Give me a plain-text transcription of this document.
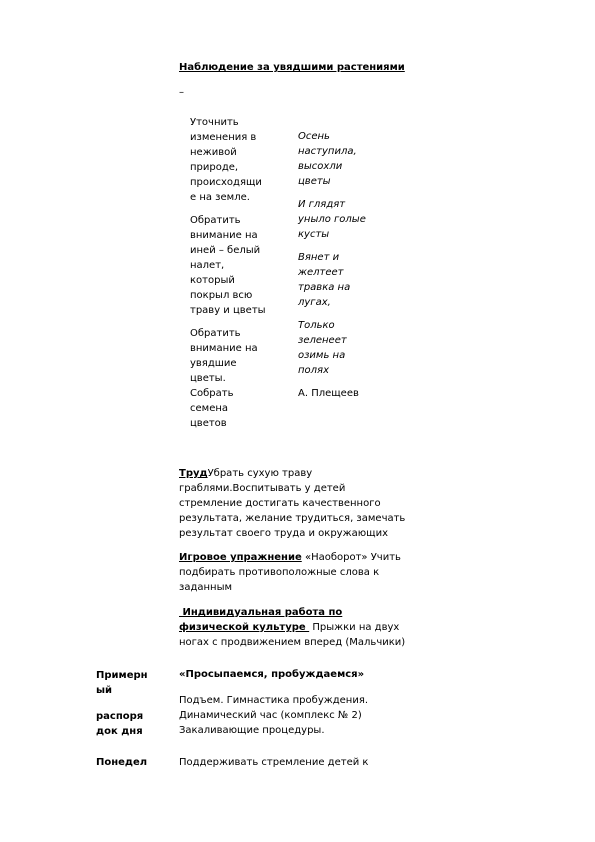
Наблюдение за увядшими растениями
–
Уточнить
изменения в
неживой
природе,
происходящи
е на земле.
Обратить
внимание на
иней – белый
налет,
который
покрыл всю
траву и цветы
Обратить
внимание на
увядшие
цветы.
Собрать
семена
цветов
Осень
наступила,
высохли
цветы
И глядят
уныло голые
кусты
Вянет и
желтеет
травка на
лугах,
Только
зеленеет
озимь на
полях
А. Плещеев
ТрудУбрать сухую траву
граблями.Воспитывать у детей
стремление достигать качественного
результата, желание трудиться, замечать
результат своего труда и окружающих
Игровое упражнение «Наоборот» Учить
подбирать противоположные слова к
заданным
Индивидуальная работа по
физической культуре  Прыжки на двух
ногах с продвижением вперед (Мальчики)
Примерн
ый
распоря
док дня
«Просыпаемся, пробуждаемся»
Подъем. Гимнастика пробуждения.
Динамический час (комплекс № 2)
Закаливающие процедуры.
Понедел	Поддерживать стремление детей к
